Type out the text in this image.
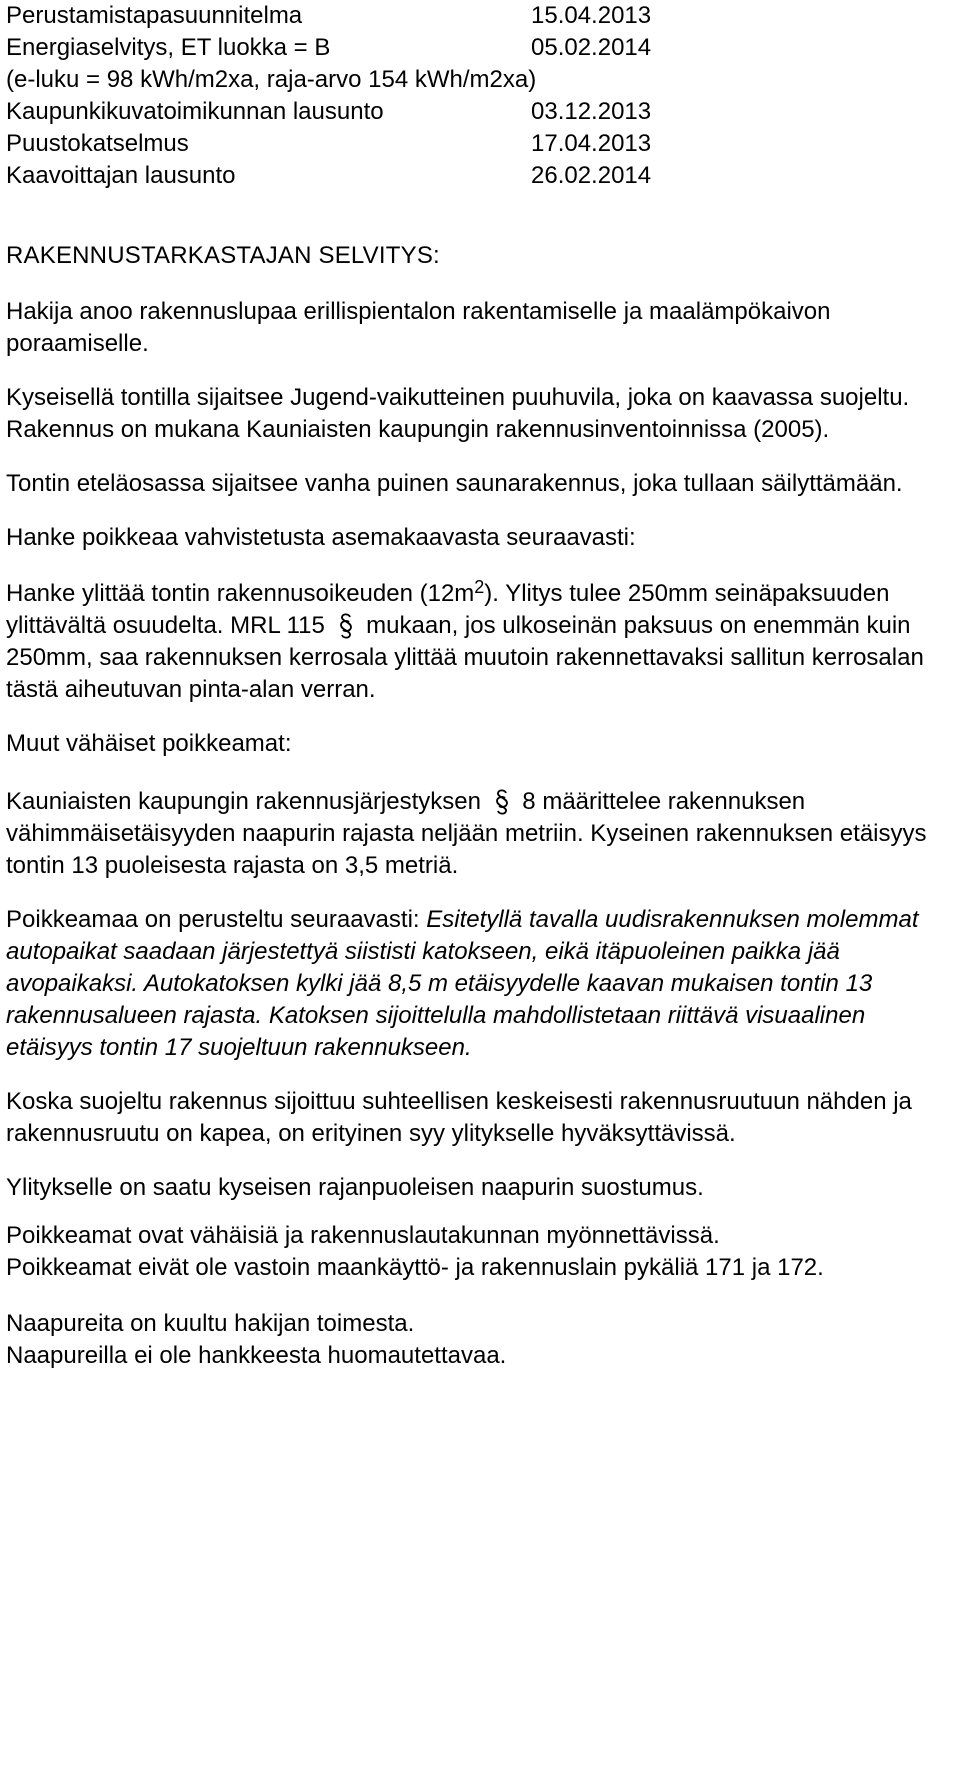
Perustamistapasuunnitelma	15.04.2013
Energiaselvitys, ET luokka = B	05.02.2014
(e-luku = 98 kWh/m2xa, raja-arvo 154 kWh/m2xa)
Kaupunkikuvatoimikunnan lausunto	03.12.2013
Puustokatselmus	17.04.2013
Kaavoittajan lausunto	26.02.2014

RAKENNUSTARKASTAJAN SELVITYS:

Hakija anoo rakennuslupaa erillispientalon rakentamiselle ja maalämpökaivon poraamiselle.

Kyseisellä tontilla sijaitsee Jugend-vaikutteinen puuhuvila, joka on kaavassa suojeltu.

Rakennus on mukana Kauniaisten kaupungin rakennusinventoinnissa (2005).

Tontin eteläosassa sijaitsee vanha puinen saunarakennus, joka tullaan säilyttämään.

Hanke poikkeaa vahvistetusta asemakaavasta seuraavasti:

Hanke ylittää tontin rakennusoikeuden $(12m^2)$. Ylitys tulee 250mm seinäpaksuuden ylittävältä osuudelta. MRL 115
mukaan, jos ulkoseinän paksuus on enemmän kuin 250mm, saa rakennuksen kerrosala ylittää muutoin rakennettavaksi sallitun kerrosalan tästä aiheutuvan pinta-alan verran.

Muut vähäiset poikkeamat:

Kauniaisten kaupungin rakennusjärjestyksen
8 määrittelee rakennuksen vähimmäisetäisyyden naapurin rajasta neljään metriin. Kyseinen rakennuksen etäisyys tontin 13 puoleisesta rajasta on 3,5 metriä.

Poikkeamaa on perusteltu seuraavasti: Esitetyllä tavalla uudisrakennuksen molemmat autopaikat saadaan järjestettyä siististi katokseen, eikä itäpuoleinen paikka jää avopaikaksi. Autokatoksen kylki jää 8,5 m etäisyydelle kaavan mukaisen tontin 13 rakennusalueen rajasta. Katoksen sijoittelulla mahdollistetaan riittävä visuaalinen etäisyys tontin 17 suojeltuun rakennukseen.

Koska suojeltu rakennus sijoittuu suhteellisen keskeisesti rakennusruutuun nähden ja rakennusruutu on kapea, on erityinen syy ylitykselle hyväksyttävissä.

Ylitykselle on saatu kyseisen rajanpuoleisen naapurin suostumus.

Poikkeamat ovat vähäisiä ja rakennuslautakunnan myönnettävissä.

Poikkeamat eivät ole vastoin maankäyttö- ja rakennuslain pykäliä 171 ja 172.

Naapureita on kuultu hakijan toimesta.

Naapureilla ei ole hankkeesta huomautettavaa.
